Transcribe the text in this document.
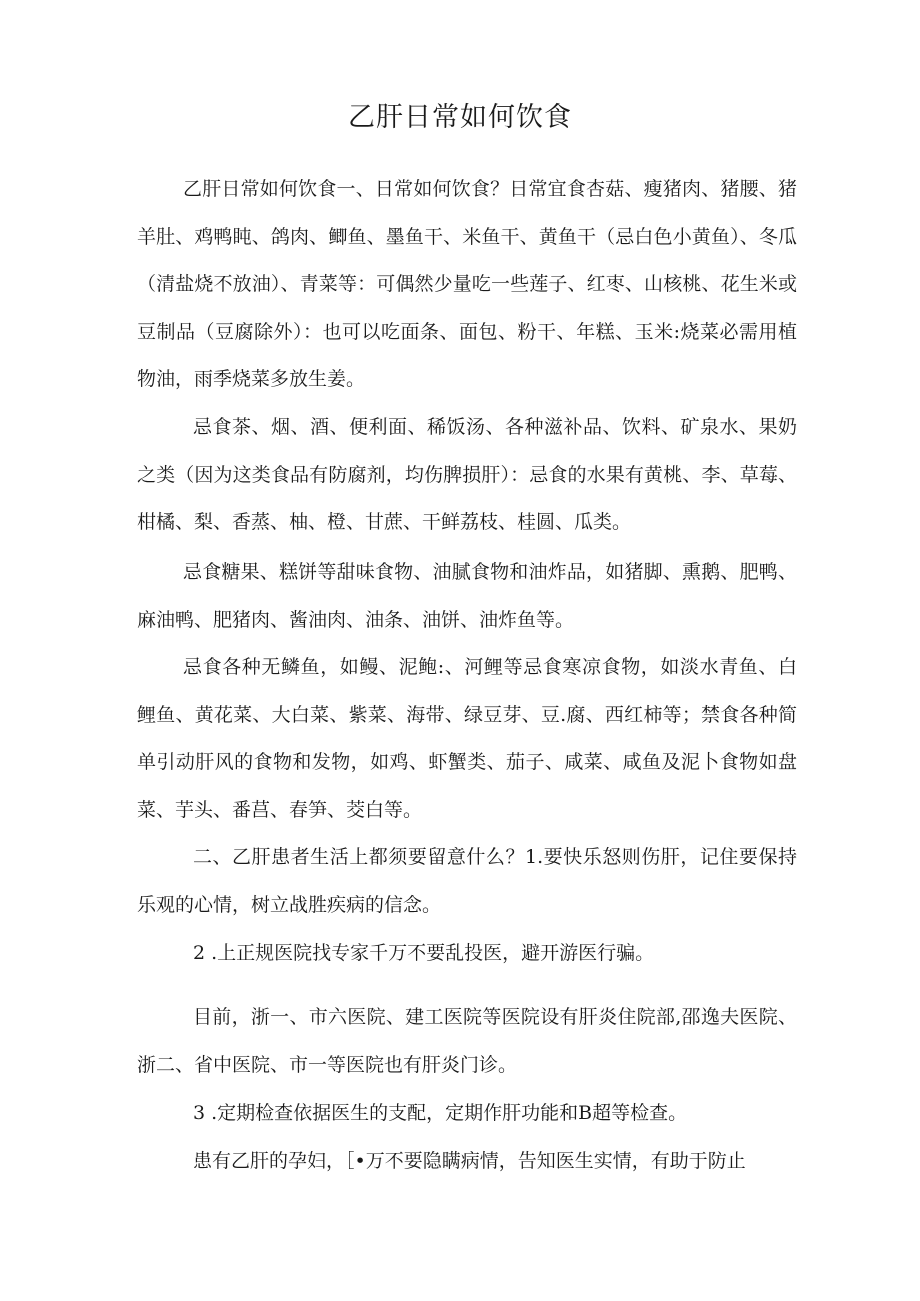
乙肝日常如何饮食

乙肝日常如何饮食一、日常如何饮食？日常宜食杏菇、瘦猪肉、猪腰、猪羊肚、鸡鸭盹、鸽肉、鲫鱼、墨鱼干、米鱼干、黄鱼干（忌白色小黄鱼）、冬瓜（清盐烧不放油）、青菜等：可偶然少量吃一些莲子、红枣、山核桃、花生米或豆制品（豆腐除外）：也可以吃面条、面包、粉干、年糕、玉米:烧菜必需用植物油，雨季烧菜多放生姜。

忌食茶、烟、酒、便利面、稀饭汤、各种滋补品、饮料、矿泉水、果奶之类（因为这类食品有防腐剂，均伤脾损肝）：忌食的水果有黄桃、李、草莓、柑橘、梨、香蒸、柚、橙、甘蔗、干鲜荔枝、桂圆、瓜类。

忌食糖果、糕饼等甜味食物、油腻食物和油炸品，如猪脚、熏鹅、肥鸭、麻油鸭、肥猪肉、酱油肉、油条、油饼、油炸鱼等。

忌食各种无鳞鱼，如鳗、泥鲍:、河鲤等忌食寒凉食物，如淡水青鱼、白鲤鱼、黄花菜、大白菜、紫菜、海带、绿豆芽、豆.腐、西红柿等；禁食各种简单引动肝风的食物和发物，如鸡、虾蟹类、茄子、咸菜、咸鱼及泥卜食物如盘菜、芋头、番莒、春笋、茭白等。

二、乙肝患者生活上都须要留意什么？1.要快乐怒则伤肝，记住要保持乐观的心情，树立战胜疾病的信念。

2 .上正规医院找专家千万不要乱投医，避开游医行骗。

目前，浙一、市六医院、建工医院等医院设有肝炎住院部,邵逸夫医院、浙二、省中医院、市一等医院也有肝炎门诊。

3 .定期检查依据医生的支配，定期作肝功能和B超等检查。

患有乙肝的孕妇，［•万不要隐瞒病情，告知医生实情，有助于防止
